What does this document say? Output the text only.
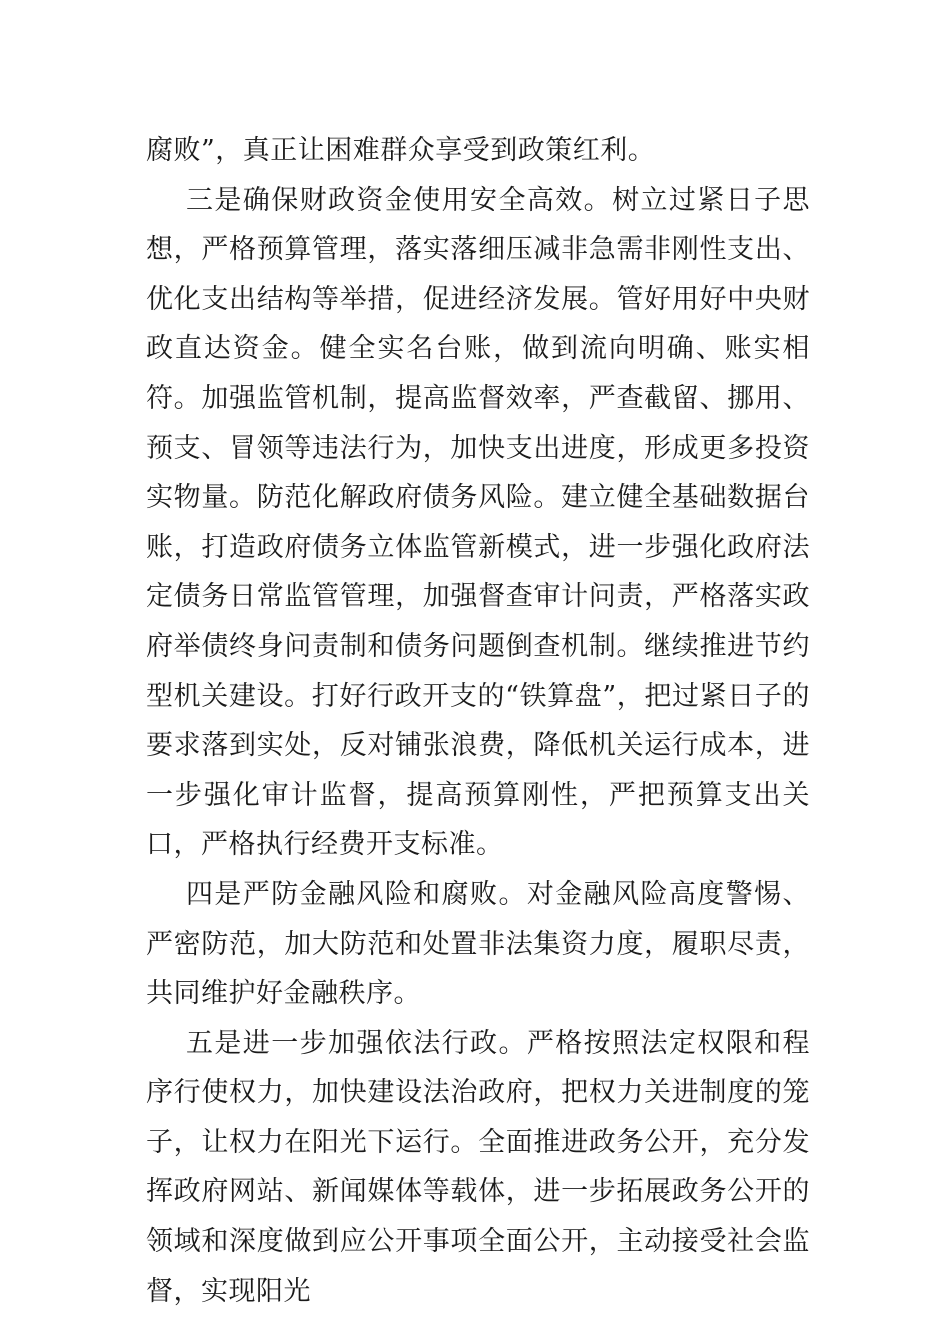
腐败”，真正让困难群众享受到政策红利。

三是确保财政资金使用安全高效。树立过紧日子思想，严格预算管理，落实落细压减非急需非刚性支出、优化支出结构等举措，促进经济发展。管好用好中央财政直达资金。健全实名台账，做到流向明确、账实相符。加强监管机制，提高监督效率，严查截留、挪用、预支、冒领等违法行为，加快支出进度，形成更多投资实物量。防范化解政府债务风险。建立健全基础数据台账，打造政府债务立体监管新模式，进一步强化政府法定债务日常监管管理，加强督查审计问责，严格落实政府举债终身问责制和债务问题倒查机制。继续推进节约型机关建设。打好行政开支的“铁算盘”，把过紧日子的要求落到实处，反对铺张浪费，降低机关运行成本，进一步强化审计监督，提高预算刚性，严把预算支出关口，严格执行经费开支标准。

四是严防金融风险和腐败。对金融风险高度警惕、严密防范，加大防范和处置非法集资力度，履职尽责，共同维护好金融秩序。

五是进一步加强依法行政。严格按照法定权限和程序行使权力，加快建设法治政府，把权力关进制度的笼子，让权力在阳光下运行。全面推进政务公开，充分发挥政府网站、新闻媒体等载体，进一步拓展政务公开的领域和深度做到应公开事项全面公开，主动接受社会监督，实现阳光
